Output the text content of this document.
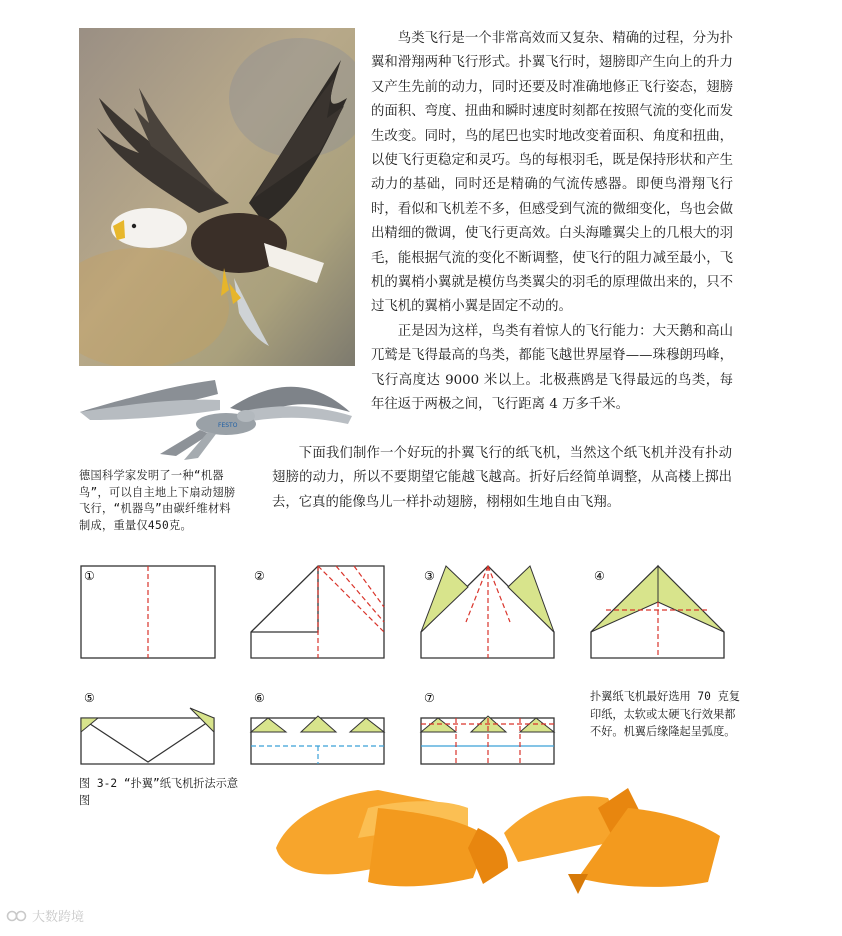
FESTO

鸟类飞行是一个非常高效而又复杂、精确的过程，分为扑翼和滑翔两种飞行形式。扑翼飞行时，翅膀即产生向上的升力又产生先前的动力，同时还要及时准确地修正飞行姿态，翅膀的面积、弯度、扭曲和瞬时速度时刻都在按照气流的变化而发生改变。同时，鸟的尾巴也实时地改变着面积、角度和扭曲，以使飞行更稳定和灵巧。鸟的每根羽毛，既是保持形状和产生动力的基础，同时还是精确的气流传感器。即便鸟滑翔飞行时，看似和飞机差不多，但感受到气流的微细变化，鸟也会做出精细的微调，使飞行更高效。白头海雕翼尖上的几根大的羽毛，能根据气流的变化不断调整，使飞行的阻力减至最小，飞机的翼梢小翼就是模仿鸟类翼尖的羽毛的原理做出来的，只不过飞机的翼梢小翼是固定不动的。

正是因为这样，鸟类有着惊人的飞行能力：大天鹅和高山兀鹫是飞得最高的鸟类，都能飞越世界屋脊——珠穆朗玛峰，飞行高度达 9000 米以上。北极燕鸥是飞得最远的鸟类，每年往返于两极之间，飞行距离 4 万多千米。

下面我们制作一个好玩的扑翼飞行的纸飞机，当然这个纸飞机并没有扑动翅膀的动力，所以不要期望它能越飞越高。折好后经简单调整，从高楼上掷出去，它真的能像鸟儿一样扑动翅膀，栩栩如生地自由飞翔。

德国科学家发明了一种“机器鸟”，可以自主地上下扇动翅膀飞行，“机器鸟”由碳纤维材料制成，重量仅450克。
①	②	③	④
⑤	⑥	⑦	扑翼纸飞机最好选用 70 克复印纸，太软或太硬飞行效果都不好。机翼后缘隆起呈弧度。
图 3-2 “扑翼”纸飞机折法示意图
大数跨境
